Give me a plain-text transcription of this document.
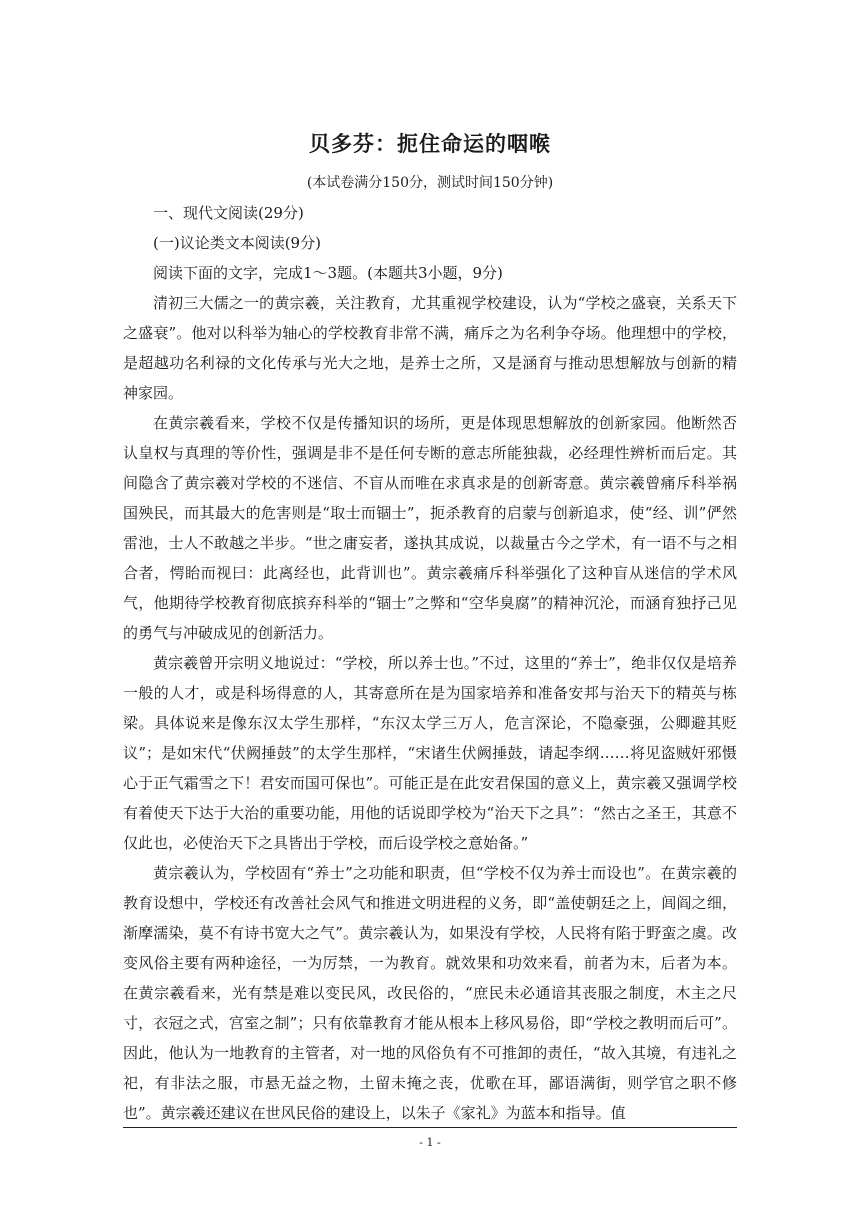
贝多芬：扼住命运的咽喉
(本试卷满分150分，测试时间150分钟)

一、现代文阅读(29分)

(一)议论类文本阅读(9分)

阅读下面的文字，完成1～3题。(本题共3小题，9分)

清初三大儒之一的黄宗羲，关注教育，尤其重视学校建设，认为“学校之盛衰，关系天下之盛衰”。他对以科举为轴心的学校教育非常不满，痛斥之为名利争夺场。他理想中的学校，是超越功名利禄的文化传承与光大之地，是养士之所，又是涵育与推动思想解放与创新的精神家园。

在黄宗羲看来，学校不仅是传播知识的场所，更是体现思想解放的创新家园。他断然否认皇权与真理的等价性，强调是非不是任何专断的意志所能独裁，必经理性辨析而后定。其间隐含了黄宗羲对学校的不迷信、不盲从而唯在求真求是的创新寄意。黄宗羲曾痛斥科举祸国殃民，而其最大的危害则是“取士而锢士”，扼杀教育的启蒙与创新追求，使“经、训”俨然雷池，士人不敢越之半步。“世之庸妄者，遂执其成说，以裁量古今之学术，有一语不与之相合者，愕眙而视曰：此离经也，此背训也”。黄宗羲痛斥科举强化了这种盲从迷信的学术风气，他期待学校教育彻底摈弃科举的“锢士”之弊和“空华臭腐”的精神沉沦，而涵育独抒己见的勇气与冲破成见的创新活力。

黄宗羲曾开宗明义地说过：“学校，所以养士也。”不过，这里的“养士”，绝非仅仅是培养一般的人才，或是科场得意的人，其寄意所在是为国家培养和准备安邦与治天下的精英与栋梁。具体说来是像东汉太学生那样，“东汉太学三万人，危言深论，不隐豪强，公卿避其贬议”；是如宋代“伏阙捶鼓”的太学生那样，“宋诸生伏阙捶鼓，请起李纲……将见盗贼奸邪慑心于正气霜雪之下！君安而国可保也”。可能正是在此安君保国的意义上，黄宗羲又强调学校有着使天下达于大治的重要功能，用他的话说即学校为“治天下之具”：“然古之圣王，其意不仅此也，必使治天下之具皆出于学校，而后设学校之意始备。”

黄宗羲认为，学校固有“养士”之功能和职责，但“学校不仅为养士而设也”。在黄宗羲的教育设想中，学校还有改善社会风气和推进文明进程的义务，即“盖使朝廷之上，闾阎之细，渐摩濡染，莫不有诗书宽大之气”。黄宗羲认为，如果没有学校，人民将有陷于野蛮之虞。改变风俗主要有两种途径，一为厉禁，一为教育。就效果和功效来看，前者为末，后者为本。在黄宗羲看来，光有禁是难以变民风，改民俗的，“庶民未必通谙其丧服之制度，木主之尺寸，衣冠之式，宫室之制”；只有依靠教育才能从根本上移风易俗，即“学校之教明而后可”。因此，他认为一地教育的主管者，对一地的风俗负有不可推卸的责任，“故入其境，有违礼之祀，有非法之服，市悬无益之物，土留未掩之丧，优歌在耳，鄙语满街，则学官之职不修也”。黄宗羲还建议在世风民俗的建设上，以朱子《家礼》为蓝本和指导。值

- 1 -
